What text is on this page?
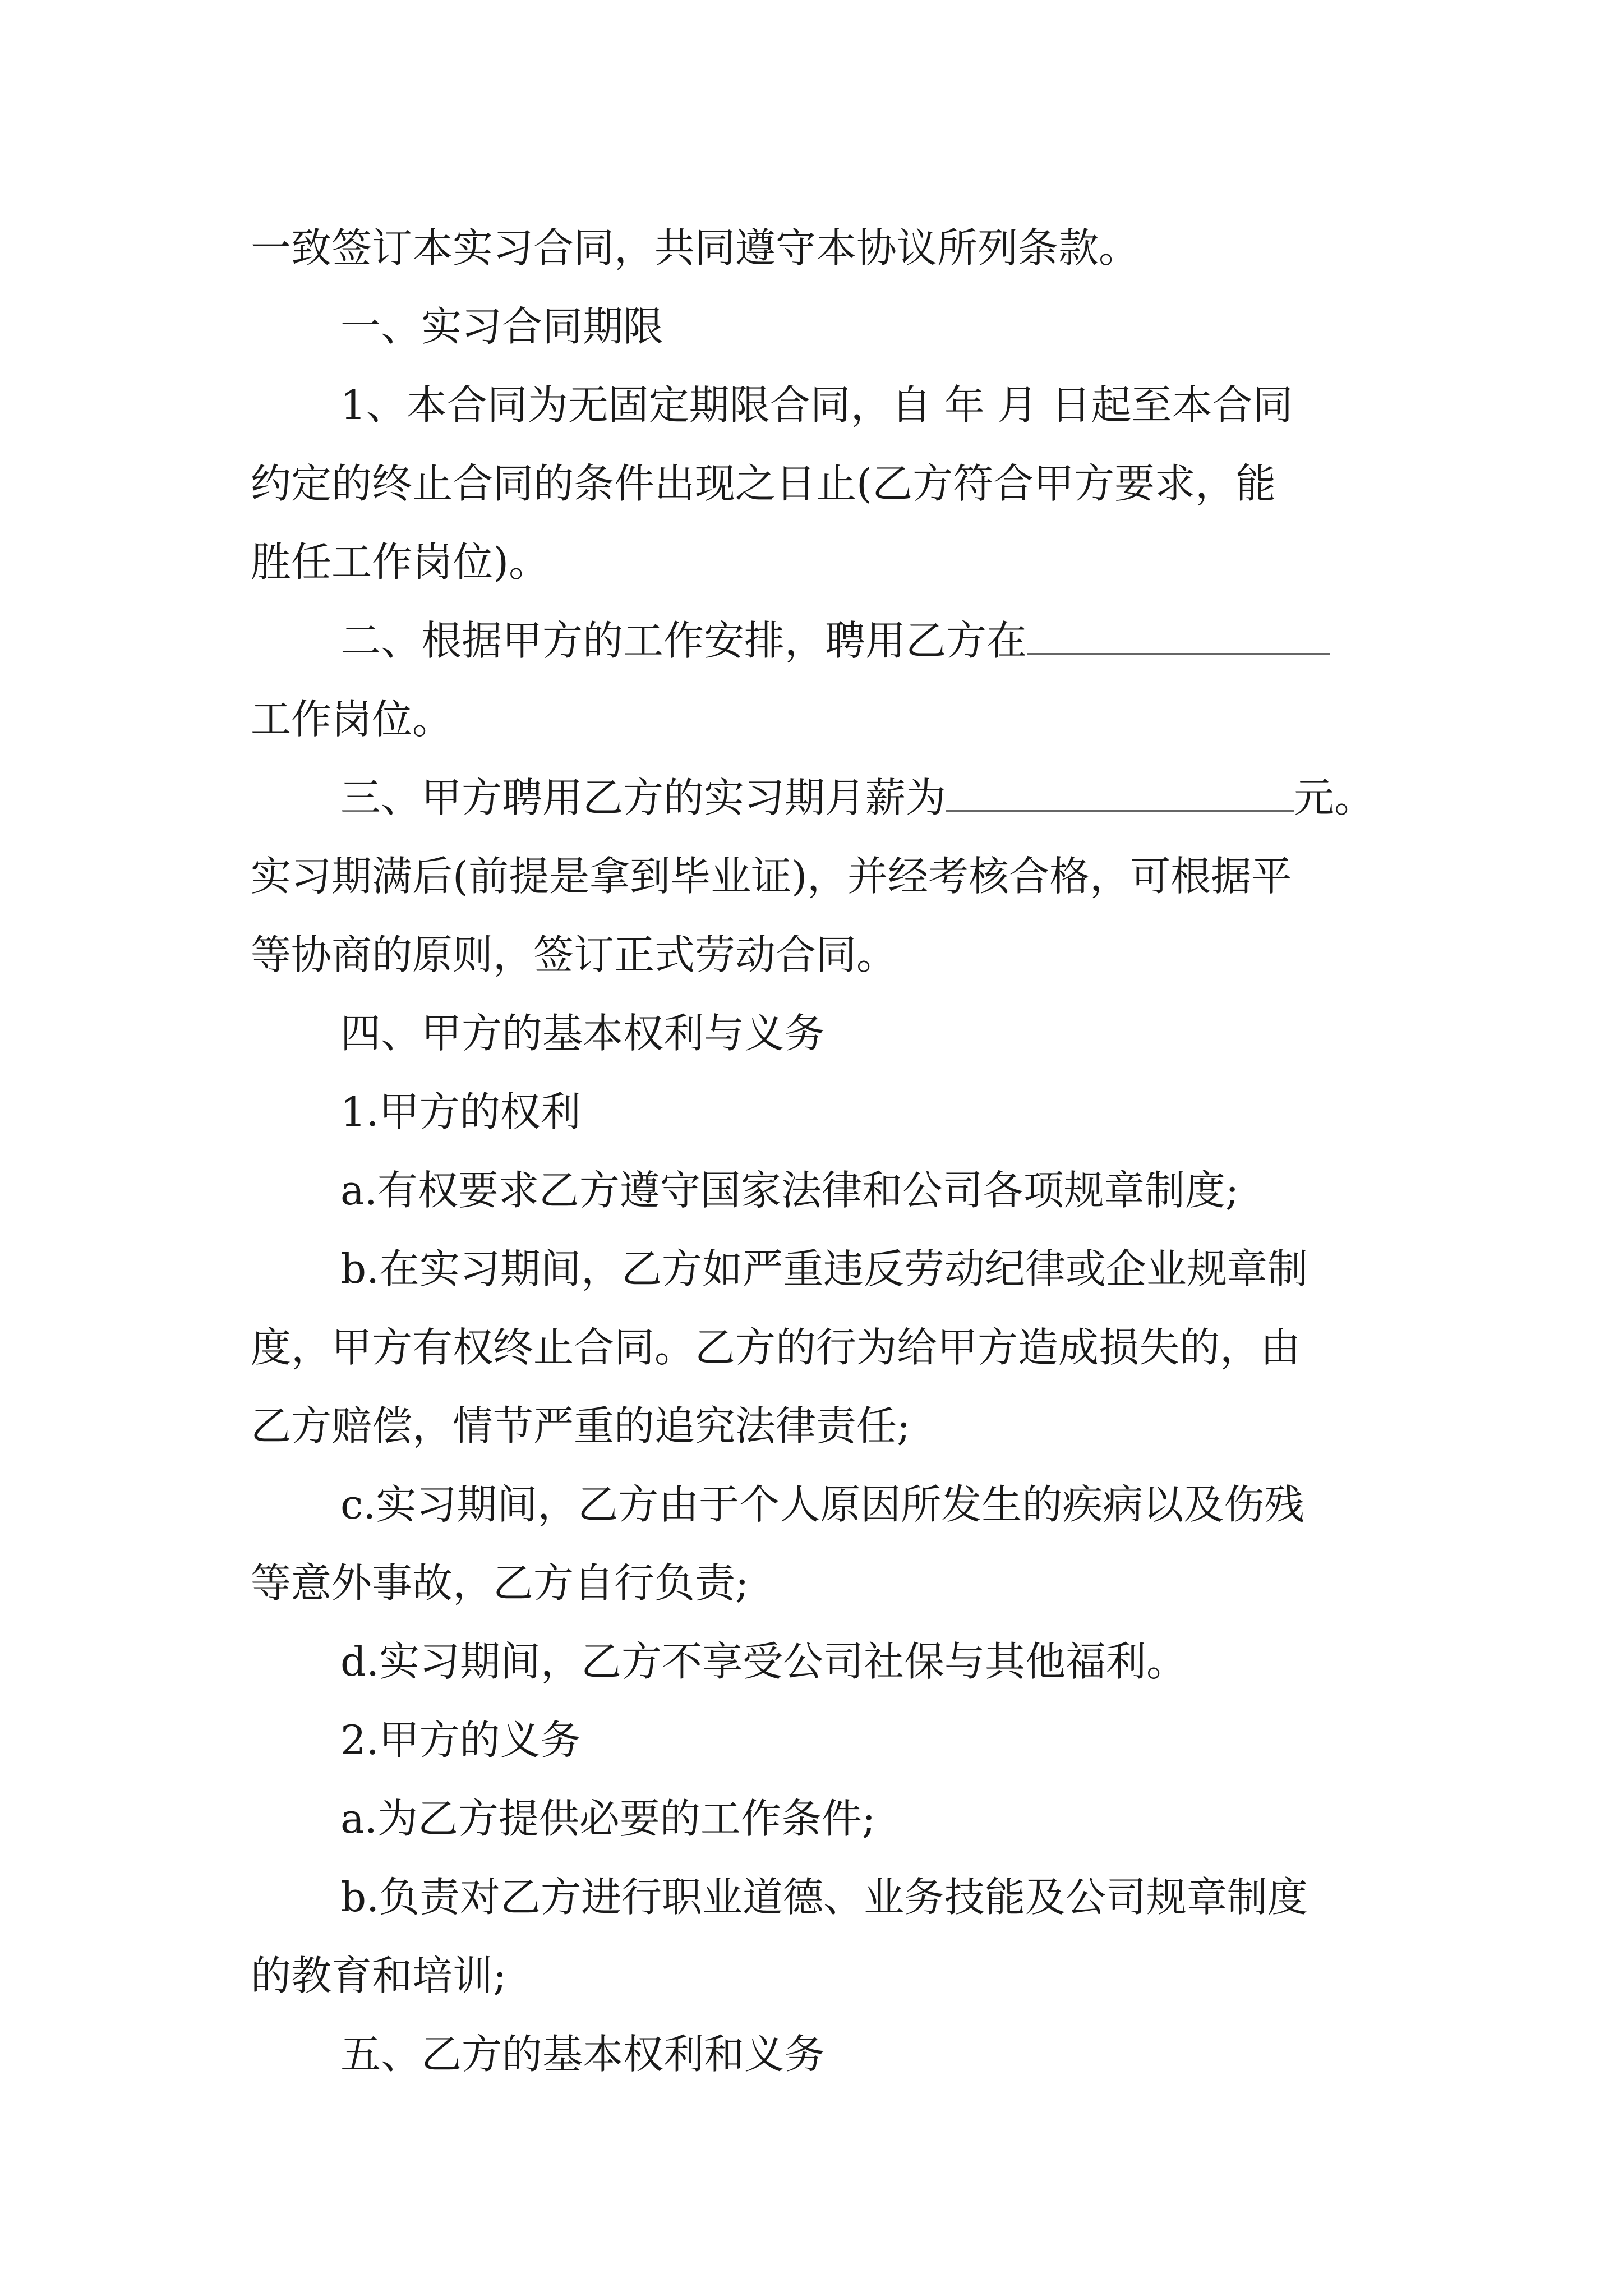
一致签订本实习合同，共同遵守本协议所列条款。
一、实习合同期限
1、本合同为无固定期限合同，自 年 月 日起至本合同
约定的终止合同的条件出现之日止(乙方符合甲方要求，能
胜任工作岗位)。
二、根据甲方的工作安排，聘用乙方在
工作岗位。
三、甲方聘用乙方的实习期月薪为	元。
实习期满后(前提是拿到毕业证)，并经考核合格，可根据平
等协商的原则，签订正式劳动合同。
四、甲方的基本权利与义务
1.甲方的权利
a.有权要求乙方遵守国家法律和公司各项规章制度;
b.在实习期间，乙方如严重违反劳动纪律或企业规章制
度，甲方有权终止合同。乙方的行为给甲方造成损失的，由
乙方赔偿，情节严重的追究法律责任;
c.实习期间，乙方由于个人原因所发生的疾病以及伤残
等意外事故，乙方自行负责;
d.实习期间，乙方不享受公司社保与其他福利。
2.甲方的义务
a.为乙方提供必要的工作条件;
b.负责对乙方进行职业道德、业务技能及公司规章制度
的教育和培训;
五、乙方的基本权利和义务
